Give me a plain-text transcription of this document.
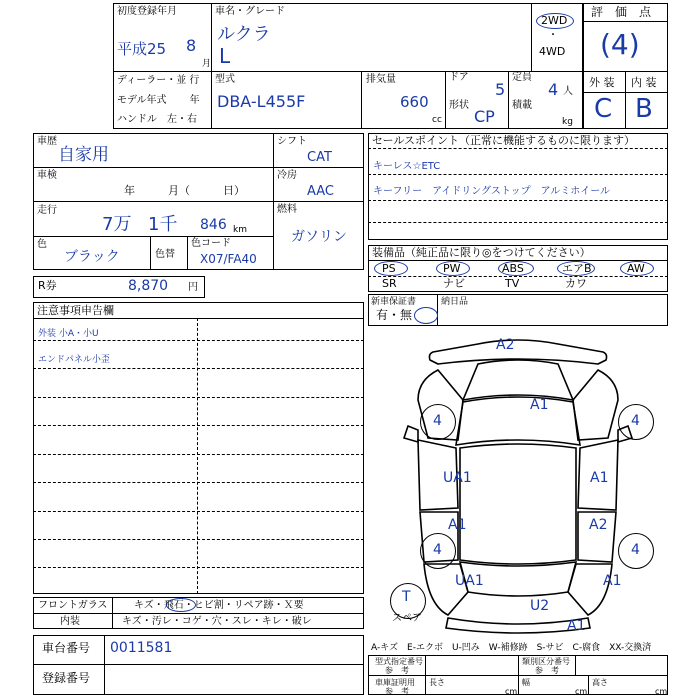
初度登録年月
平成25 8
月
車名・グレード
ルクラ
L
2WD
・
4WD
ディーラー・並 行
モデル年式　　 年
ハンドル　左・右
型式
DBA-L455F
排気量
660
cc
ドア
5
形状
CP
定員
4 人
積載
kg
評　価　点
(4)
外 装 内 装
C B
車歴
自家用
車検
年　　　月（　　　日）
走行
7万 1千 846 km
色
ブラック	色替
色コード
X07/FA40
シフト
CAT
冷房
AAC
燃料
ガソリン
R券	8,870 円
セールスポイント（正常に機能するものに限ります）
キーレス☆ETC
キーフリー　アイドリングストップ　アルミホイール
装備品（純正品に限り◎をつけてください）
PS	PW	ABS	エアB	AW
SR	ナビ	TV	カワ
新車保証書
有・無
納日品
注意事項申告欄
外装 小A・小U
エンドパネル小歪
A2
A1
4	4
UA1	A1
A1	A2
4	4
UA1	A1
U2
A1
T
スペア
フロントガラス	キズ・飛石・ヒビ割・リペア跡・Ｘ要
内装	キズ・汚レ・コゲ・穴・スレ・キレ・破レ
A-キズ　E-エクボ　U-凹み　W-補修跡　S-サビ　C-腐食　XX-交換済
車台番号 0011581
登録番号
型式指定番号
参　考
類別区分番号
参　考
車庫証明用
参　考
長さ
cm
幅
cm
高さ
cm
